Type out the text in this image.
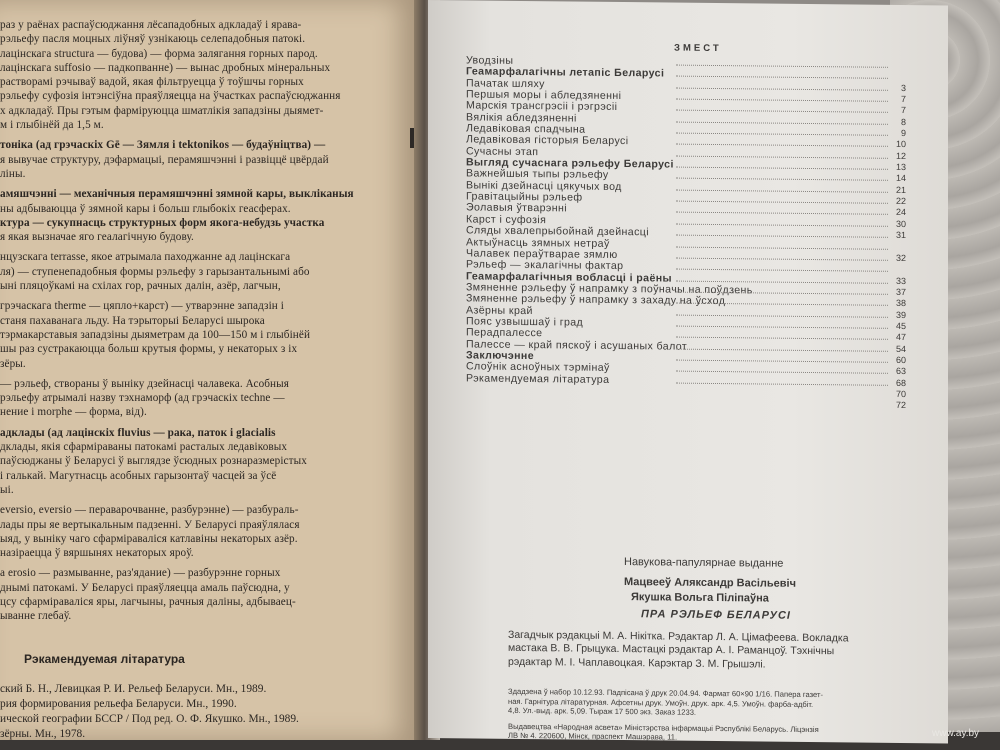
раз у раёнах распаўсюджання лёсападобных адкладаў і ярава-
рэльефу пасля моцных ліўняў узнікаюць селепадобныя патокі.
лацінскага structura — будова) — форма залягання горных парод.
лацінскага suffosio — падкопванне) — вынас дробных мінеральных
растворамі рэчываў вадой, якая фільтруецца ў тоўшчы горных
рэльефу суфозія інтэнсіўна праяўляецца на ўчастках распаўсюджання
х адкладаў. Пры гэтым фарміруюцца шматлікія западзіны дыямет-
м і глыбінёй да 1,5 м.
тоніка (ад грэчаскіх Gē — Зямля і tektonikos — будаўніцтва) —
я вывучае структуру, дэфармацыі, перамяшчэнні і развіццё цвёрдай
ліны.
амяшчэнні — механічныя перамяшчэнні зямной кары, выкліканыя
ны адбываюцца ў зямной кары і больш глыбокіх геасферах.
ктура — сукупнасць структурных форм якога-небудзь участка
я якая вызначае яго геалагічную будову.
нцузскага terrasse, якое атрымала паходжанне ад лацінскага
ля) — ступенепадобныя формы рэльефу з гарызантальнымі або
ыні пляцоўкамі на схілах гор, рачных далін, азёр, лагчын,
грэчаскага therme — цяпло+карст) — утварэнне западзін і
станя пахаванага льду. На тэрыторыі Беларусі шырока
тэрмакарставыя западзіны дыяметрам да 100—150 м і глыбінёй
шы раз сустракаюцца больш крутыя формы, у некаторых з іх
зёры.
— рэльеф, створаны ў выніку дзейнасці чалавека. Асобныя
рэльефу атрымалі назву тэхнаморф (ад грэчаскіх techne —
нение і morphe — форма, від).
адклады (ад лацінскіх fluvius — рака, паток і glacialis
дклады, якія сфарміраваны патокамі расталых ледавіковых
паўсюджаны ў Беларусі ў выглядзе ўсюдных рознаразмерістых
і галькай. Магутнасць асобных гарызонтаў часцей за ўсё
ыі.
eversio, eversio — пераварочванне, разбурэнне) — разбураль-
лады пры яе вертыкальным падзенні. У Беларусі праяўлялася
ыяд, у выніку чаго сфарміраваліся катлавіны некаторых азёр.
назіраецца ў вяршынях некаторых яроў.
а erosio — размыванне, раз'ядание) — разбурэнне горных
днымі патокамі. У Беларусі праяўляецца амаль паўсюдна, у
цсу сфарміраваліся яры, лагчыны, рачныя даліны, адбываец-
ыванне глебаў.
Рэкамендуемая літаратура
ский Б. Н., Левицкая Р. И. Рельеф Беларуси. Мн., 1989.
рия формирования рельефа Беларуси. Мн., 1990.
ической географии БССР / Под ред. О. Ф. Якушко. Мн., 1989.
зёрны. Мн., 1978.
ЗМЕСТ
Уводзіны
Геамарфалагічны летапіс Беларусі
Пачатак шляху	3
Першыя моры і абледзяненні	7
Марскія трансгрэсіі і рэгрэсіі	7
Вялікія абледзяненні	8
Ледавіковая спадчына	9
Ледавіковая гісторыя Беларусі	10
Сучасны этап	12
Выгляд сучаснага рэльефу Беларусі	13
Важнейшыя тыпы рэльефу	14
Вынікі дзейнасці цякучых вод	21
Гравітацыйны рэльеф	22
Эолавыя ўтварэнні	24
Карст і суфозія	30
Сляды хвалепрыбойнай дзейнасці	31
Актыўнасць зямных нетраў
Чалавек пераўтварае зямлю	32
Рэльеф — экалагічны фактар
Геамарфалагічныя вобласці і раёны	33
Змяненне рэльефу ў напрамку з поўначы на поўдзень	37
Змяненне рэльефу ў напрамку з захаду на ўсход	38
Азёрны край	39
Пояс узвышшаў і град	45
Перадпалессе	47
Палессе — край пяскоў і асушаных балот	54
Заключэнне	60
Слоўнік асноўных тэрмінаў	63
Рэкамендуемая літаратура	68
70
72
Навукова-папулярнае выданне
Мацвееў Аляксандр Васільевіч
Якушка Вольга Піліпаўна
ПРА РЭЛЬЕФ БЕЛАРУСІ
Загадчык рэдакцыі М. А. Нікітка. Рэдактар Л. А. Цімафеева. Вокладка
мастака В. В. Грыцука. Мастацкі рэдактар А. І. Раманцоў. Тэхнічны
рэдактар М. І. Чаплавоцкая. Карэктар З. М. Грышэлі.
Здадзена ў набор 10.12.93. Падпісана ў друк 20.04.94. Фармат 60×90 1/16. Папера газет-
ная. Гарнітура літаратурная. Афсетны друк. Умоўн. друк. арк. 4,5. Умоўн. фарба-адбіт.
4,8. Ул.-выд. арк. 5,09. Тыраж 17 500 экз. Заказ 1233.
Выдавецтва «Народная асвета» Міністэрства інфармацыі Рэспублікі Беларусь. Ліцэнзія
ЛВ № 4. 220600, Мінск, праспект Машэрава, 11.	www.ay.by
